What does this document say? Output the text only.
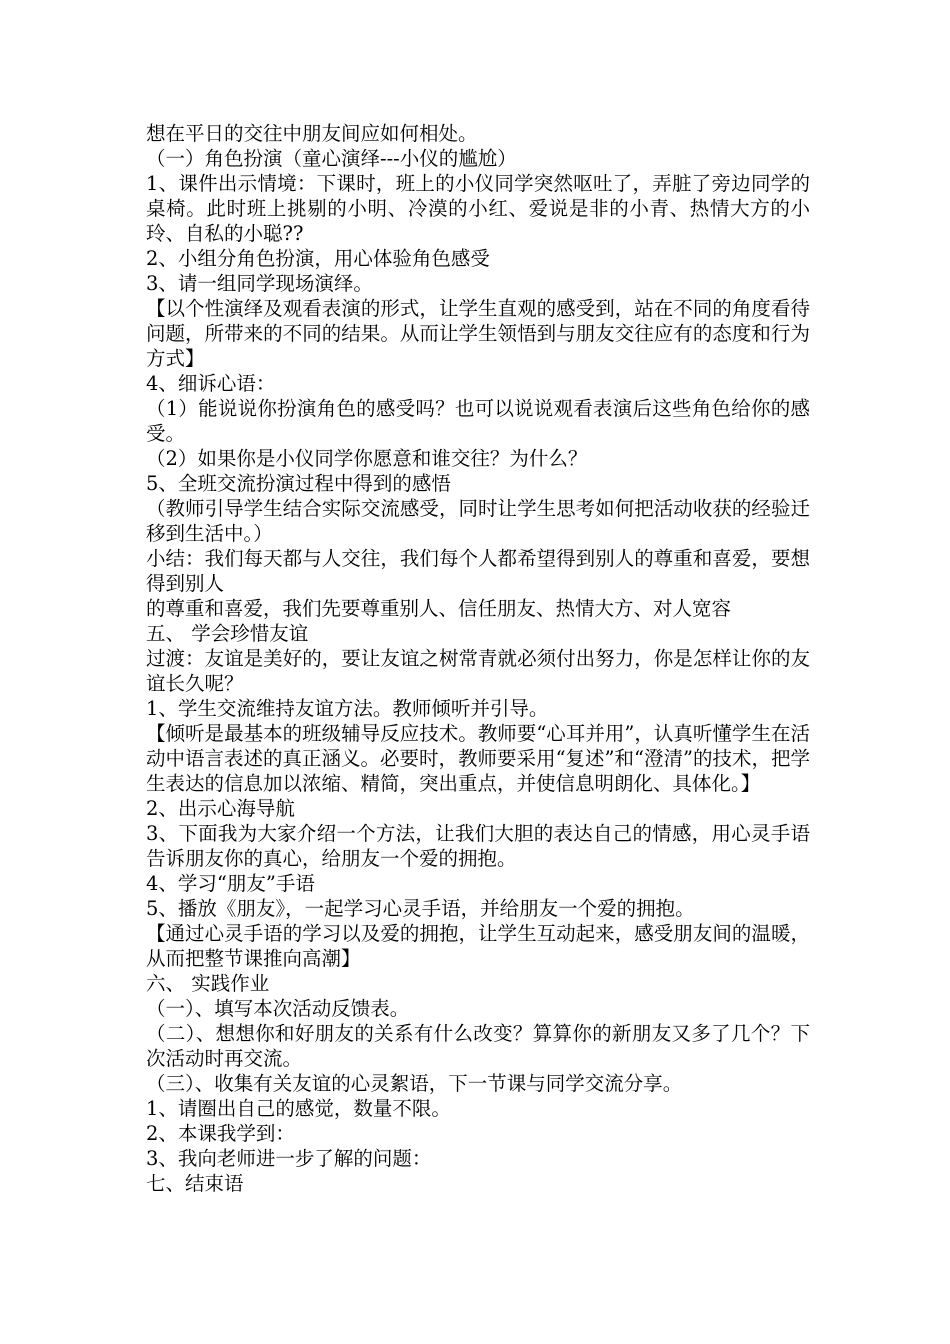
想在平日的交往中朋友间应如何相处。

（一）角色扮演（童心演绎---小仪的尴尬）

1、课件出示情境：下课时，班上的小仪同学突然呕吐了，弄脏了旁边同学的桌椅。此时班上挑剔的小明、冷漠的小红、爱说是非的小青、热情大方的小玲、自私的小聪??

2、小组分角色扮演，用心体验角色感受

3、请一组同学现场演绎。

【以个性演绎及观看表演的形式，让学生直观的感受到，站在不同的角度看待问题，所带来的不同的结果。从而让学生领悟到与朋友交往应有的态度和行为方式】

4、细诉心语：

（1）能说说你扮演角色的感受吗？也可以说说观看表演后这些角色给你的感受。

（2）如果你是小仪同学你愿意和谁交往？为什么？

5、全班交流扮演过程中得到的感悟

（教师引导学生结合实际交流感受，同时让学生思考如何把活动收获的经验迁移到生活中。）

小结：我们每天都与人交往，我们每个人都希望得到别人的尊重和喜爱，要想得到别人

的尊重和喜爱，我们先要尊重别人、信任朋友、热情大方、对人宽容

五、 学会珍惜友谊

过渡：友谊是美好的，要让友谊之树常青就必须付出努力，你是怎样让你的友谊长久呢？

1、学生交流维持友谊方法。教师倾听并引导。

【倾听是最基本的班级辅导反应技术。教师要“心耳并用”，认真听懂学生在活动中语言表述的真正涵义。必要时，教师要采用“复述”和“澄清”的技术，把学生表达的信息加以浓缩、精简，突出重点，并使信息明朗化、具体化。】

2、出示心海导航

3、下面我为大家介绍一个方法，让我们大胆的表达自己的情感，用心灵手语告诉朋友你的真心，给朋友一个爱的拥抱。

4、学习“朋友”手语

5、播放《朋友》，一起学习心灵手语，并给朋友一个爱的拥抱。

【通过心灵手语的学习以及爱的拥抱，让学生互动起来，感受朋友间的温暖，从而把整节课推向高潮】

六、 实践作业

（一）、填写本次活动反馈表。

（二）、想想你和好朋友的关系有什么改变？算算你的新朋友又多了几个？下次活动时再交流。

（三）、收集有关友谊的心灵絮语，下一节课与同学交流分享。

1、请圈出自己的感觉，数量不限。

2、本课我学到：

3、我向老师进一步了解的问题：

七、结束语
